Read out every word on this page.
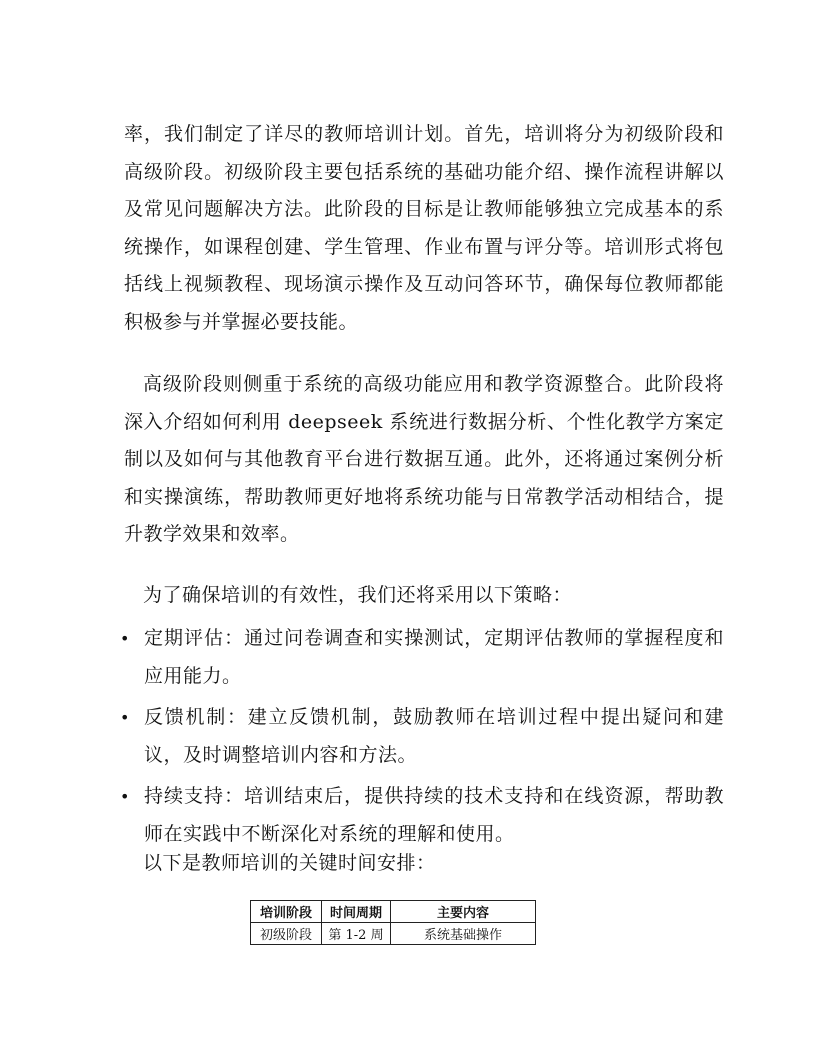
率，我们制定了详尽的教师培训计划。首先，培训将分为初级阶段和高级阶段。初级阶段主要包括系统的基础功能介绍、操作流程讲解以及常见问题解决方法。此阶段的目标是让教师能够独立完成基本的系统操作，如课程创建、学生管理、作业布置与评分等。培训形式将包括线上视频教程、现场演示操作及互动问答环节，确保每位教师都能积极参与并掌握必要技能。

高级阶段则侧重于系统的高级功能应用和教学资源整合。此阶段将深入介绍如何利用 deepseek 系统进行数据分析、个性化教学方案定制以及如何与其他教育平台进行数据互通。此外，还将通过案例分析和实操演练，帮助教师更好地将系统功能与日常教学活动相结合，提升教学效果和效率。

为了确保培训的有效性，我们还将采用以下策略：

• 定期评估：通过问卷调查和实操测试，定期评估教师的掌握程度和应用能力。
• 反馈机制：建立反馈机制，鼓励教师在培训过程中提出疑问和建议，及时调整培训内容和方法。
• 持续支持：培训结束后，提供持续的技术支持和在线资源，帮助教师在实践中不断深化对系统的理解和使用。

以下是教师培训的关键时间安排：

培训阶段	时间周期	主要内容
初级阶段	第 1-2 周	系统基础操作
